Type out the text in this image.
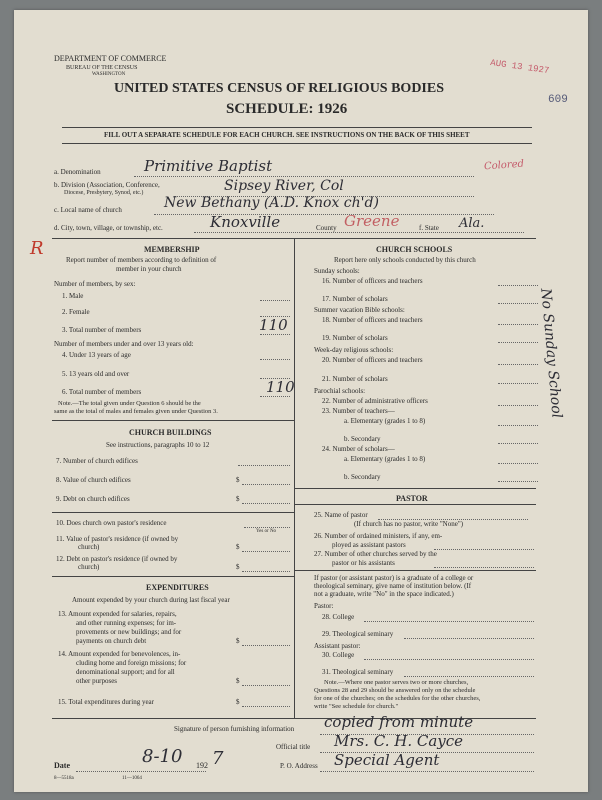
DEPARTMENT OF COMMERCE
BUREAU OF THE CENSUS
WASHINGTON
UNITED STATES CENSUS OF RELIGIOUS BODIES
SCHEDULE: 1926
AUG 13 1927
609
FILL OUT A SEPARATE SCHEDULE FOR EACH CHURCH. SEE INSTRUCTIONS ON THE BACK OF THIS SHEET
a. Denomination	Primitive Baptist
b. Division (Association, Conference,
Diocese, Presbytery, Synod, etc.)	Sipsey River, Col
c. Local name of church	New Bethany (A.D. Knox ch'd)
d. City, town, village, or township, etc.	Knoxville	County Greene	f. State Ala.
Colored
R	MEMBERSHIP
Report number of members according to definition of
member in your church
Number of members, by sex:
1. Male
2. Female
3. Total number of members	110
Number of members under and over 13 years old:
4. Under 13 years of age
5. 13 years old and over
6. Total number of members	110
Note.—The total given under Question 6 should be the
same as the total of males and females given under Question 3.
CHURCH BUILDINGS
See instructions, paragraphs 10 to 12
7. Number of church edifices
8. Value of church edifices	$
9. Debt on church edifices	$
10. Does church own pastor's residence
Yes or No
11. Value of pastor's residence (if owned by
church)	$
12. Debt on pastor's residence (if owned by
church)	$
EXPENDITURES
Amount expended by your church during last fiscal year
13. Amount expended for salaries, repairs,
and other running expenses; for im-
provements or new buildings; and for
payments on church debt	$
14. Amount expended for benevolences, in-
cluding home and foreign missions; for
denominational support; and for all
other purposes	$
15. Total expenditures during year	$
CHURCH SCHOOLS
Report here only schools conducted by this church
Sunday schools:
16. Number of officers and teachers
17. Number of scholars
Summer vacation Bible schools:
18. Number of officers and teachers
19. Number of scholars
Week-day religious schools:
20. Number of officers and teachers
21. Number of scholars
Parochial schools:
22. Number of administrative officers
23. Number of teachers—
a. Elementary (grades 1 to 8)
b. Secondary
24. Number of scholars—
a. Elementary (grades 1 to 8)
b. Secondary
No Sunday School
PASTOR
25. Name of pastor
(If church has no pastor, write "None")
26. Number of ordained ministers, if any, em-
ployed as assistant pastors
27. Number of other churches served by the
pastor or his assistants
If pastor (or assistant pastor) is a graduate of a college or
theological seminary, give name of institution below. (If
not a graduate, write "No" in the space indicated.)
Pastor:
28. College
29. Theological seminary
Assistant pastor:
30. College
31. Theological seminary
Note.—Where one pastor serves two or more churches,
Questions 28 and 29 should be answered only on the schedule
for one of the churches; on the schedules for the other churches,
write "See schedule for church."
Signature of person furnishing information copied from minute
Official title Mrs. C. H. Cayce
P. O. Address Special Agent
Date	8-10 192 7
8—5518a	11—1064
